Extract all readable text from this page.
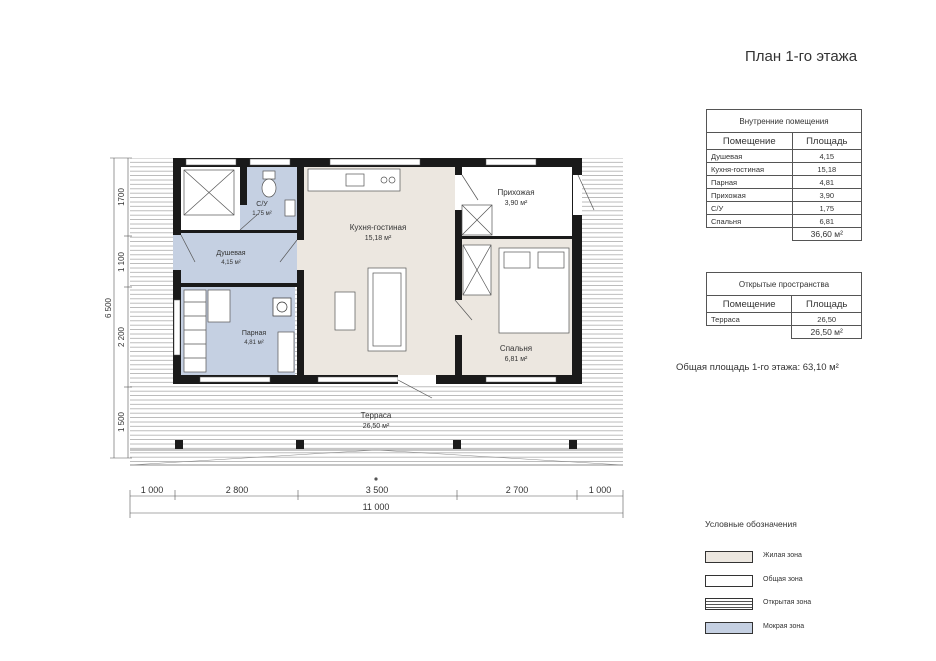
Кухня-гостиная
15,18 м²
Прихожая
3,90 м²
С/У
1,75 м²
Душевая
4,15 м²
Парная
4,81 м²
Спальня
6,81 м²
Терраса
26,50 м²
1700
1 100
2 200
1 500
6 500
1 000	2 800	3 500	2 700	1 000
11 000
План 1-го этажа
Внутренние помещения	
Помещение	Площадь
Душевая	4,15
Кухня-гостиная	15,18
Парная	4,81
Прихожая	3,90
С/У	1,75
Спальня	6,81
	36,60 м²
Открытые пространства	
Помещение	Площадь
Терраса	26,50
	26,50 м²
Общая площадь 1-го этажа: 63,10 м²
Условные обозначения
Жилая зона
Общая зона
Открытая зона
Мокрая зона
